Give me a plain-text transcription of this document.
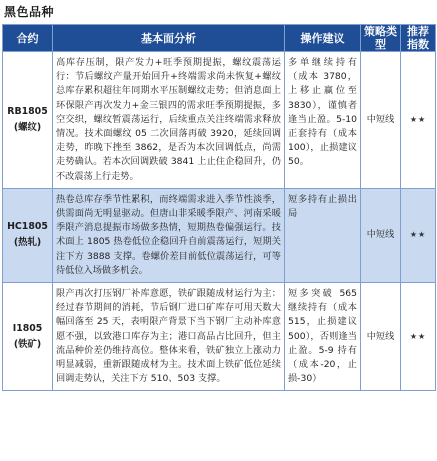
黑色品种
合约	基本面分析	操作建议	策略类型	推荐指数

RB1805
(螺纹)	高库存压制，限产发力+旺季预期提振，螺纹震荡运行：节后螺纹产量开始回升+终端需求尚未恢复+螺纹总库存累积超往年同期水平压制螺纹走势；但消息面上环保限产再次发力+金三银四的需求旺季预期提振，多空交织，螺纹暂震荡运行，后续重点关注终端需求释放情况。技术面螺纹 05 二次回落再破 3920，延续回调走势，昨晚下挫至 3862，是否为本次回调低点，尚需走势确认。若本次回调跌破 3841 上止住企稳回升，仍不改震荡上行走势。	多单继续持有（成本 3780，上移止赢位至 3830），谨慎者逢当止盈。5-10 正套持有（成本 100），止损建议 50。	中短线	★★

HC1805
(热轧)	热卷总库存季节性累积，而终端需求进入季节性淡季，供需面尚无明显驱动。但唐山非采暖季限产、河南采暖季限产消息提振市场做多热情，短期热卷偏强运行。技术面上 1805 热卷低位企稳回升自前震荡运行，短期关注下方 3888 支撑。卷螺价差目前低位震荡运行，可等待低位入场做多机会。	短多持有止损出局	中短线	★★

I1805
(铁矿)	限产再次打压钢厂补库意愿，铁矿跟随成材运行为主：经过春节期间的消耗，节后钢厂进口矿库存可用天数大幅回落至 25 天，表明限产背景下当下钢厂主动补库意愿不强，以致港口库存为主；港口高品占比回升，但主流品种价差仍维持高位。整体来看，铁矿独立上涨动力明显减弱，重新跟随成材为主。技术面上铁矿低位延续回调走势认，关注下方 510、503 支撑。	短多突破 565 继续持有（成本 515，止损建议 500），否则逢当止盈。5-9 持有（成本-20，止损-30）	中短线	★★
